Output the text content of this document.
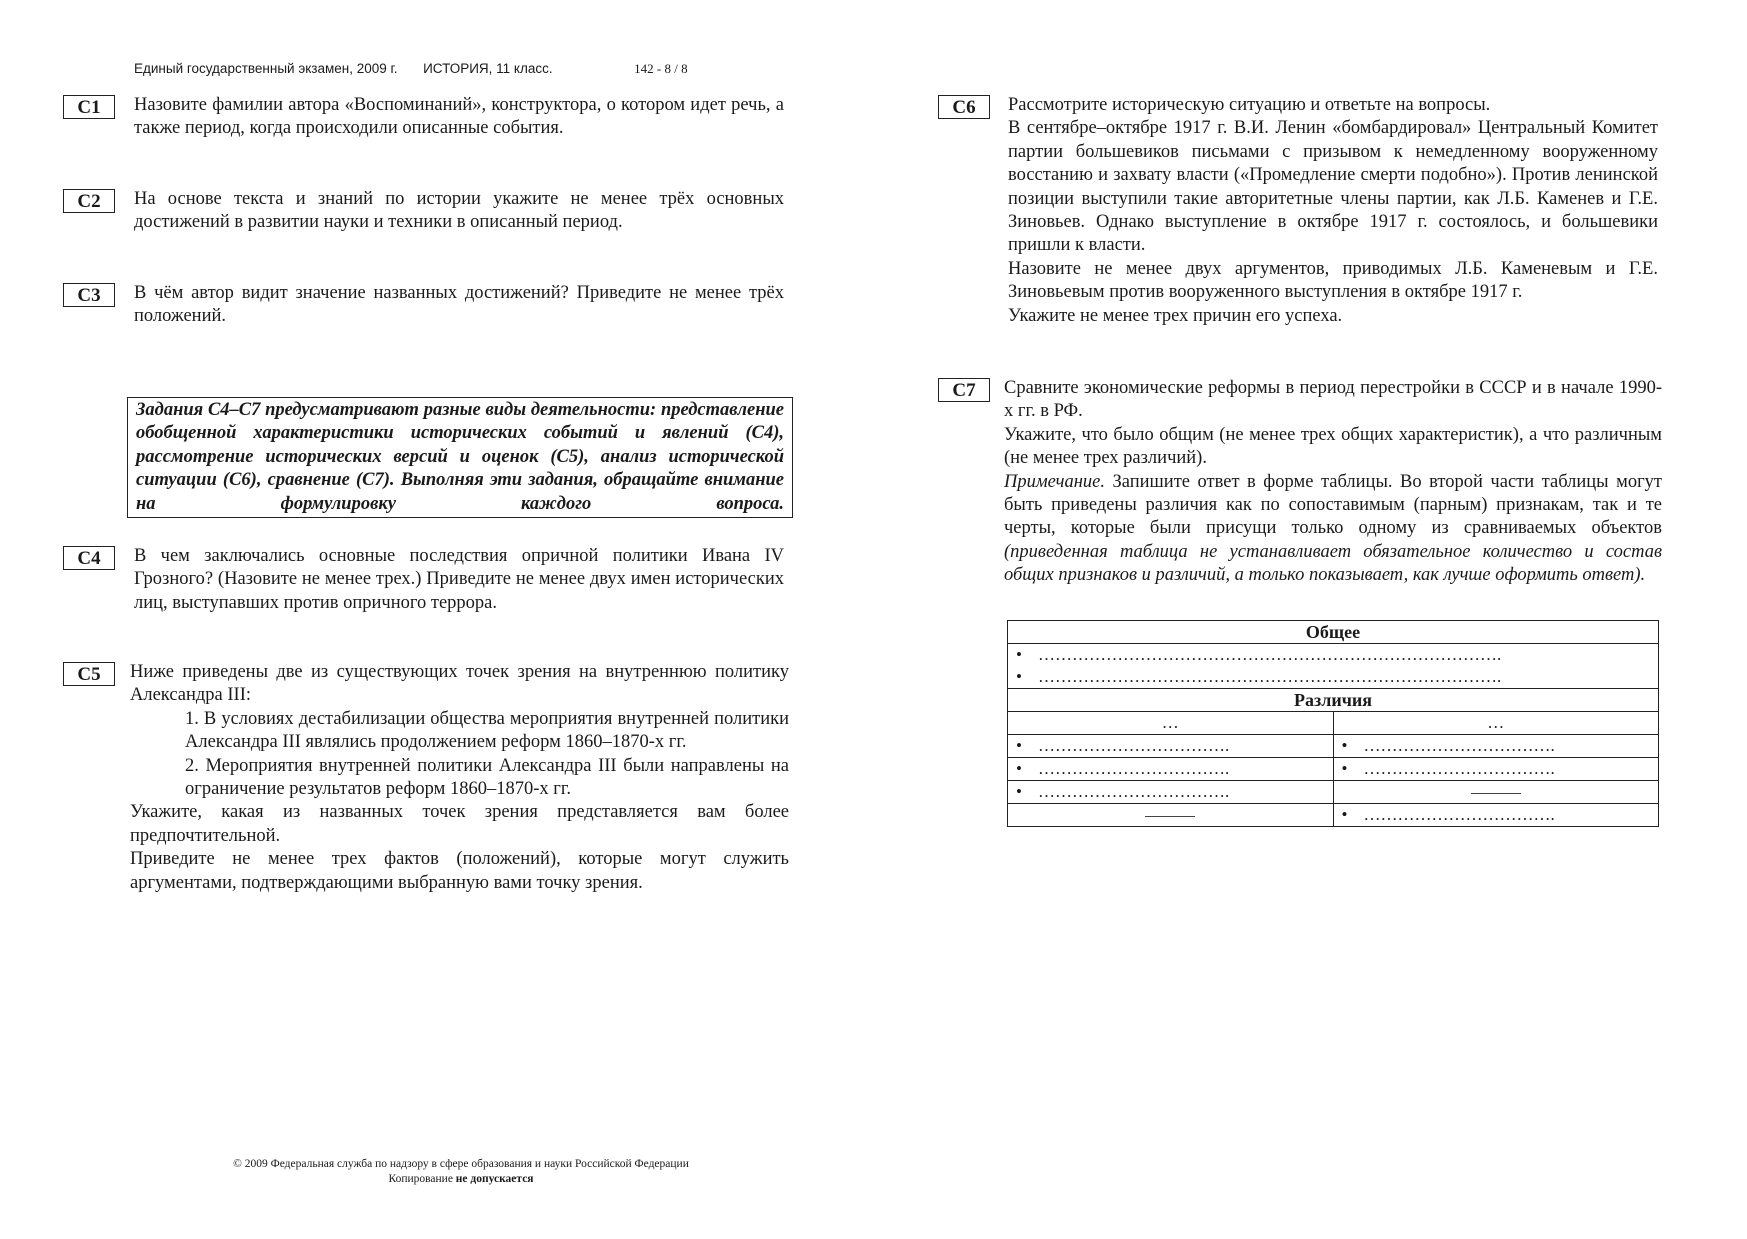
Единый государственный экзамен, 2009 г. ИСТОРИЯ, 11 класс.	142 - 8 / 8
C1	Назовите фамилии автора «Воспоминаний», конструктора, о котором идет речь, а также период, когда происходили описанные события.
C2	На основе текста и знаний по истории укажите не менее трёх основных достижений в развитии науки и техники в описанный период.
C3	В чём автор видит значение названных достижений? Приведите не менее трёх положений.
Задания С4–С7 предусматривают разные виды деятельности: представление обобщенной характеристики исторических событий и явлений (С4), рассмотрение исторических версий и оценок (С5), анализ исторической ситуации (С6), сравнение (С7). Выполняя эти задания, обращайте внимание на формулировку каждого вопроса.
C4	В чем заключались основные последствия опричной политики Ивана IV Грозного? (Назовите не менее трех.) Приведите не менее двух имен исторических лиц, выступавших против опричного террора.
C5	Ниже приведены две из существующих точек зрения на внутреннюю политику Александра III:

1. В условиях дестабилизации общества мероприятия внутренней политики Александра III являлись продолжением реформ 1860–1870-х гг.

2. Мероприятия внутренней политики Александра III были направлены на ограничение результатов реформ 1860–1870-х гг.

Укажите, какая из названных точек зрения представляется вам более предпочтительной.

Приведите не менее трех фактов (положений), которые могут служить аргументами, подтверждающими выбранную вами точку зрения.

C6	Рассмотрите историческую ситуацию и ответьте на вопросы.

В сентябре–октябре 1917 г. В.И. Ленин «бомбардировал» Центральный Комитет партии большевиков письмами с призывом к немедленному вооруженному восстанию и захвату власти («Промедление смерти подобно»). Против ленинской позиции выступили такие авторитетные члены партии, как Л.Б. Каменев и Г.Е. Зиновьев. Однако выступление в октябре 1917 г. состоялось, и большевики пришли к власти.

Назовите не менее двух аргументов, приводимых Л.Б. Каменевым и Г.Е. Зиновьевым против вооруженного выступления в октябре 1917 г.

Укажите не менее трех причин его успеха.

C7	Сравните экономические реформы в период перестройки в СССР и в начале 1990-х гг. в РФ.

Укажите, что было общим (не менее трех общих характеристик), а что различным (не менее трех различий).

Примечание. Запишите ответ в форме таблицы. Во второй части таблицы могут быть приведены различия как по сопоставимым (парным) признакам, так и те черты, которые были присущи только одному из сравниваемых объектов (приведенная таблица не устанавливает обязательное количество и состав общих признаков и различий, а только показывает, как лучше оформить ответ).

Общее	
• ……………………………………………………………………….	
• ……………………………………………………………………….	
Различия	
…	…
• …………………………….	• …………………………….
• …………………………….	• …………………………….
• …………………………….	
	• …………………………….
© 2009 Федеральная служба по надзору в сфере образования и науки Российской Федерации
Копирование не допускается
